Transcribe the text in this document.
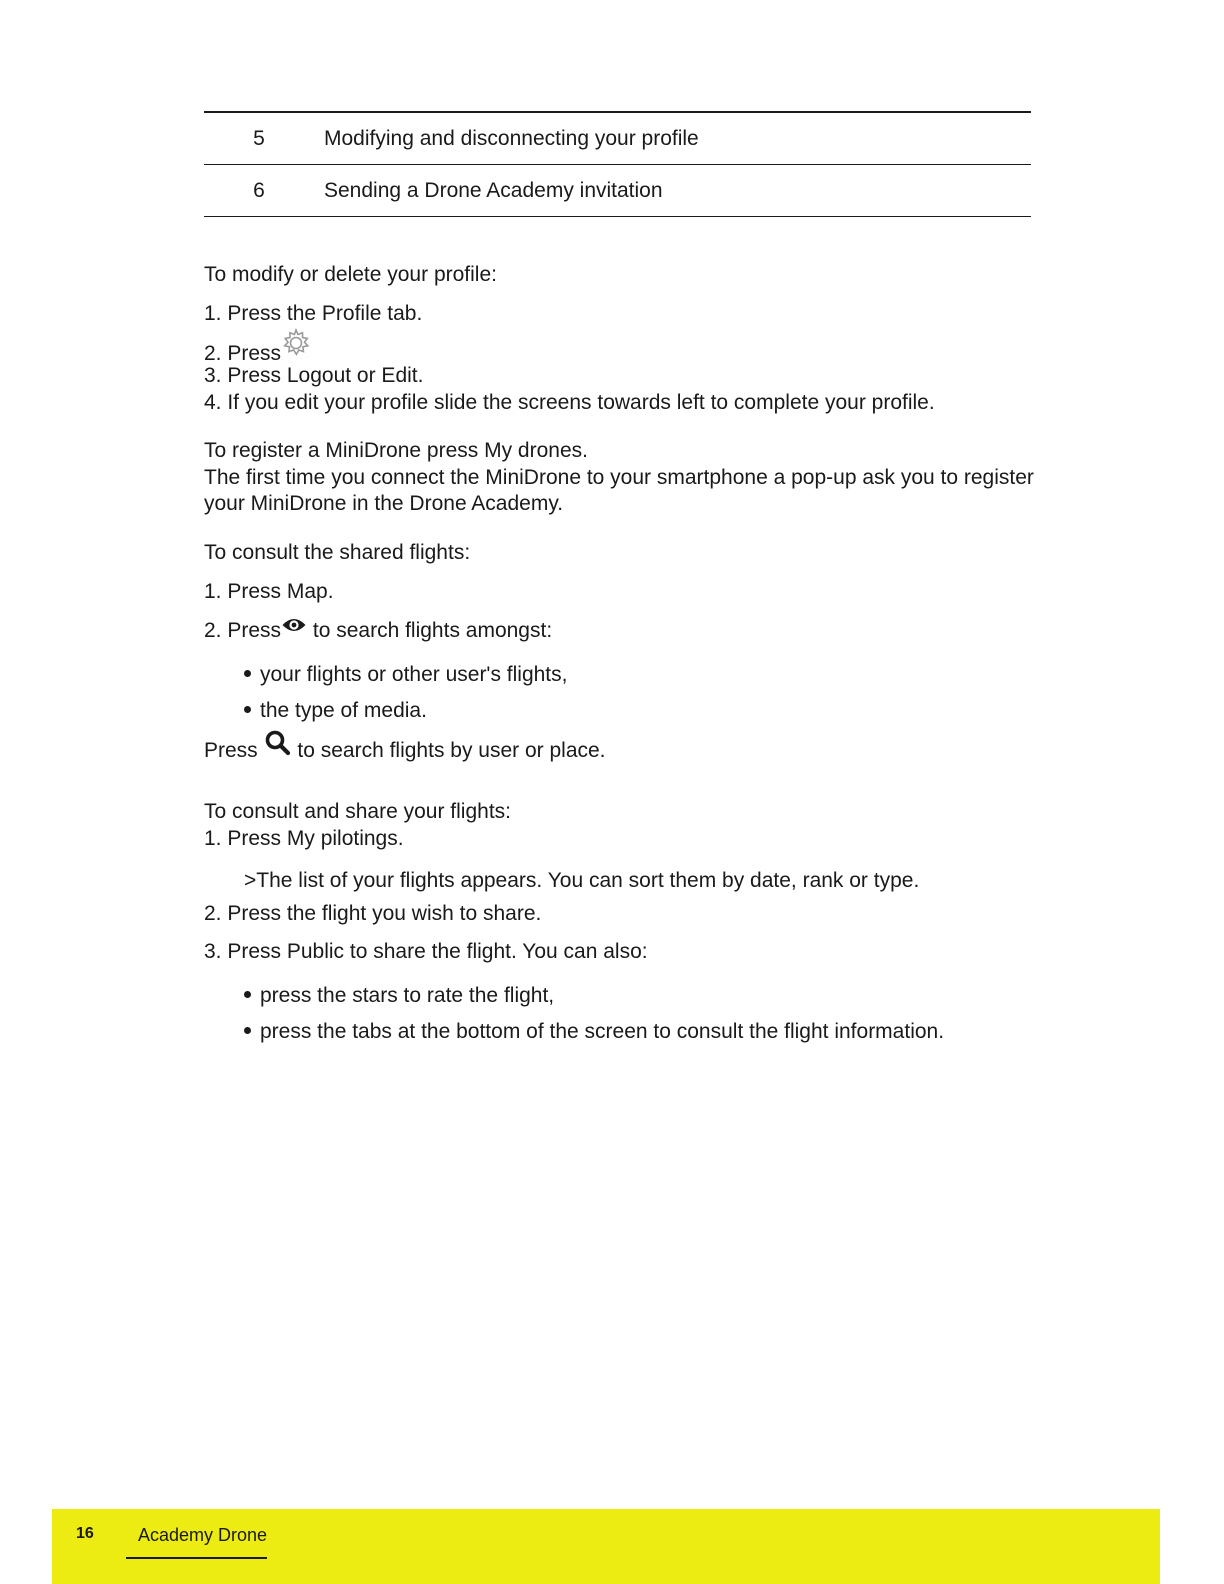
5	Modifying and disconnecting your profile
6	Sending a Drone Academy invitation
To modify or delete your profile:
1. Press the Profile tab.
2. Press
3. Press Logout or Edit.
4. If you edit your profile slide the screens towards left to complete your profile.
To register a MiniDrone press My drones.
The first time you connect the MiniDrone to your smartphone a pop-up ask you to register your MiniDrone in the Drone Academy.
To consult the shared flights:
1. Press Map.
2. Press to search flights amongst:
your flights or other user's flights,
the type of media.
Press  to search flights by user or place.
To consult and share your flights:
1. Press My pilotings.
>The list of your flights appears. You can sort them by date, rank or type.
2. Press the flight you wish to share.
3. Press Public to share the flight. You can also:
press the stars to rate the flight,
press the tabs at the bottom of the screen to consult the flight information.
16 Academy Drone
